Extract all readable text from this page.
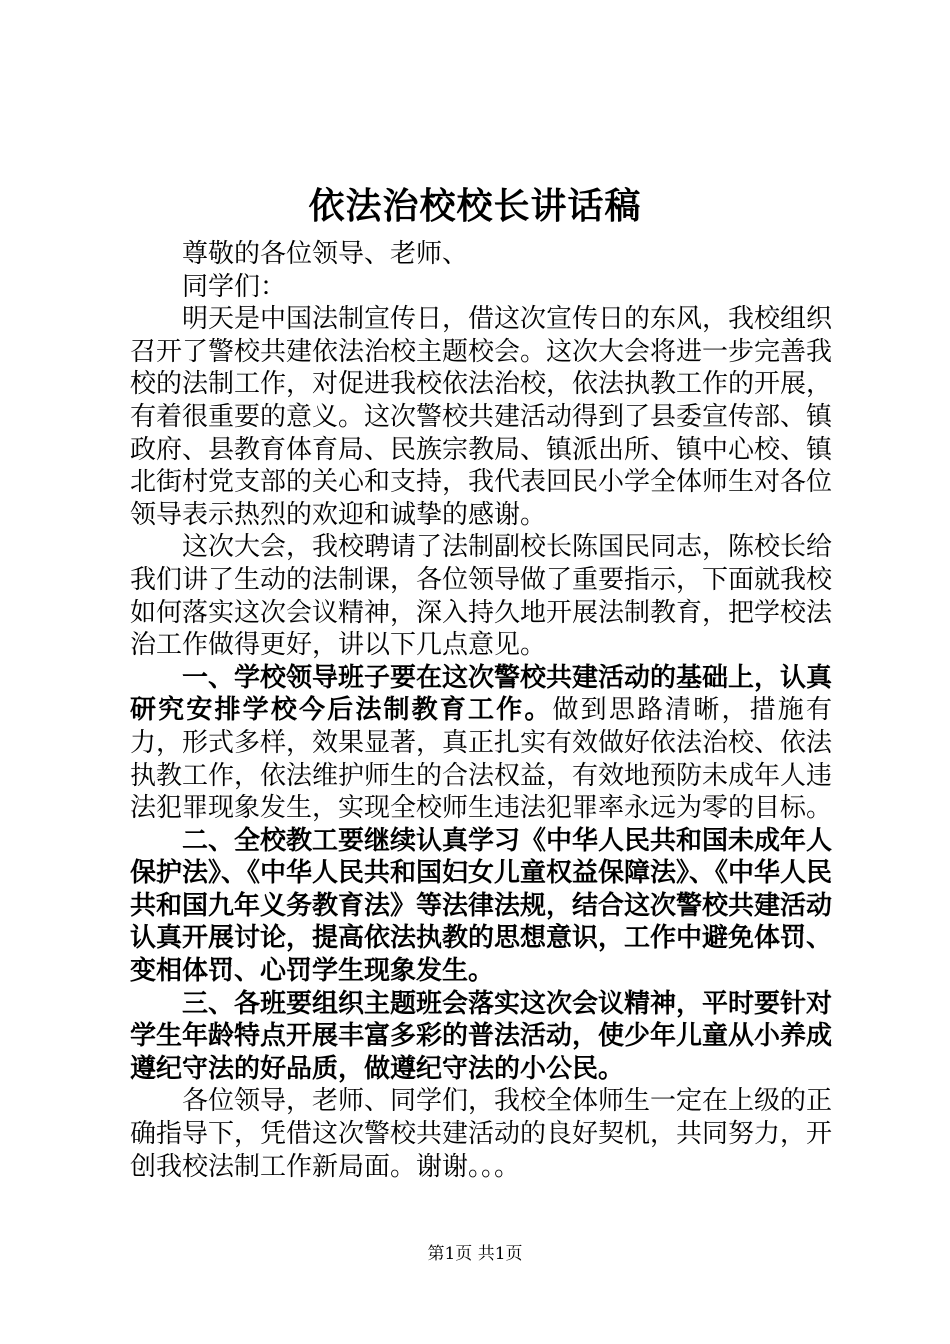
依法治校校长讲话稿

尊敬的各位领导、老师、

同学们：

明天是中国法制宣传日，借这次宣传日的东风，我校组织召开了警校共建依法治校主题校会。这次大会将进一步完善我校的法制工作，对促进我校依法治校，依法执教工作的开展，有着很重要的意义。这次警校共建活动得到了县委宣传部、镇政府、县教育体育局、民族宗教局、镇派出所、镇中心校、镇北街村党支部的关心和支持，我代表回民小学全体师生对各位领导表示热烈的欢迎和诚挚的感谢。

这次大会，我校聘请了法制副校长陈国民同志，陈校长给我们讲了生动的法制课，各位领导做了重要指示，下面就我校如何落实这次会议精神，深入持久地开展法制教育，把学校法治工作做得更好，讲以下几点意见。

一、学校领导班子要在这次警校共建活动的基础上，认真研究安排学校今后法制教育工作。做到思路清晰，措施有力，形式多样，效果显著，真正扎实有效做好依法治校、依法执教工作，依法维护师生的合法权益，有效地预防未成年人违法犯罪现象发生，实现全校师生违法犯罪率永远为零的目标。

二、全校教工要继续认真学习《中华人民共和国未成年人保护法》、《中华人民共和国妇女儿童权益保障法》、《中华人民共和国九年义务教育法》等法律法规，结合这次警校共建活动认真开展讨论，提高依法执教的思想意识，工作中避免体罚、变相体罚、心罚学生现象发生。

三、各班要组织主题班会落实这次会议精神，平时要针对学生年龄特点开展丰富多彩的普法活动，使少年儿童从小养成遵纪守法的好品质，做遵纪守法的小公民。

各位领导，老师、同学们，我校全体师生一定在上级的正确指导下，凭借这次警校共建活动的良好契机，共同努力，开创我校法制工作新局面。谢谢。。。

第1页 共1页
